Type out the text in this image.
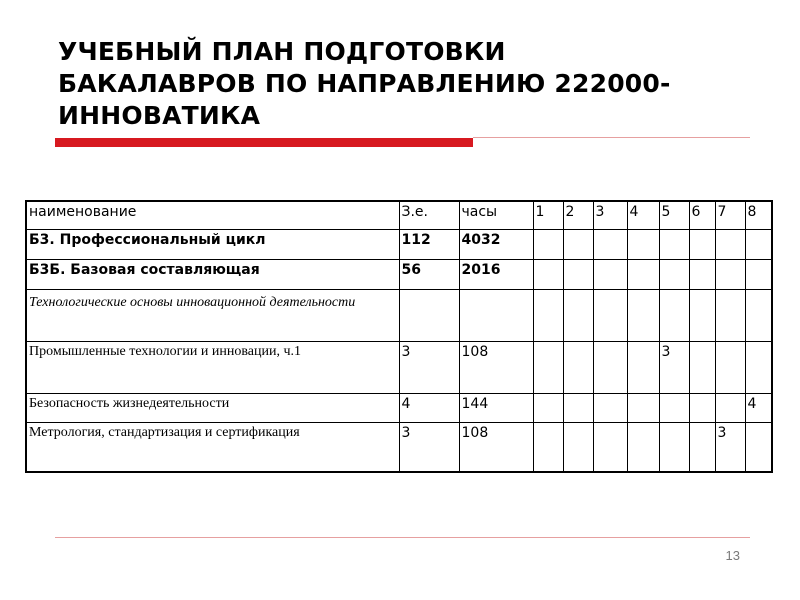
УЧЕБНЫЙ ПЛАН ПОДГОТОВКИ
БАКАЛАВРОВ ПО НАПРАВЛЕНИЮ 222000-
ИННОВАТИКА
наименование	З.е.	часы	1	2	3	4	5	6	7	8
Б3. Профессиональный цикл	112	4032								
Б3Б. Базовая составляющая	56	2016								
Технологические основы инновационной деятельности										
Промышленные технологии и инновации, ч.1	3	108					3			
Безопасность жизнедеятельности	4	144								4
Метрология, стандартизация и сертификация	3	108							3	
13
